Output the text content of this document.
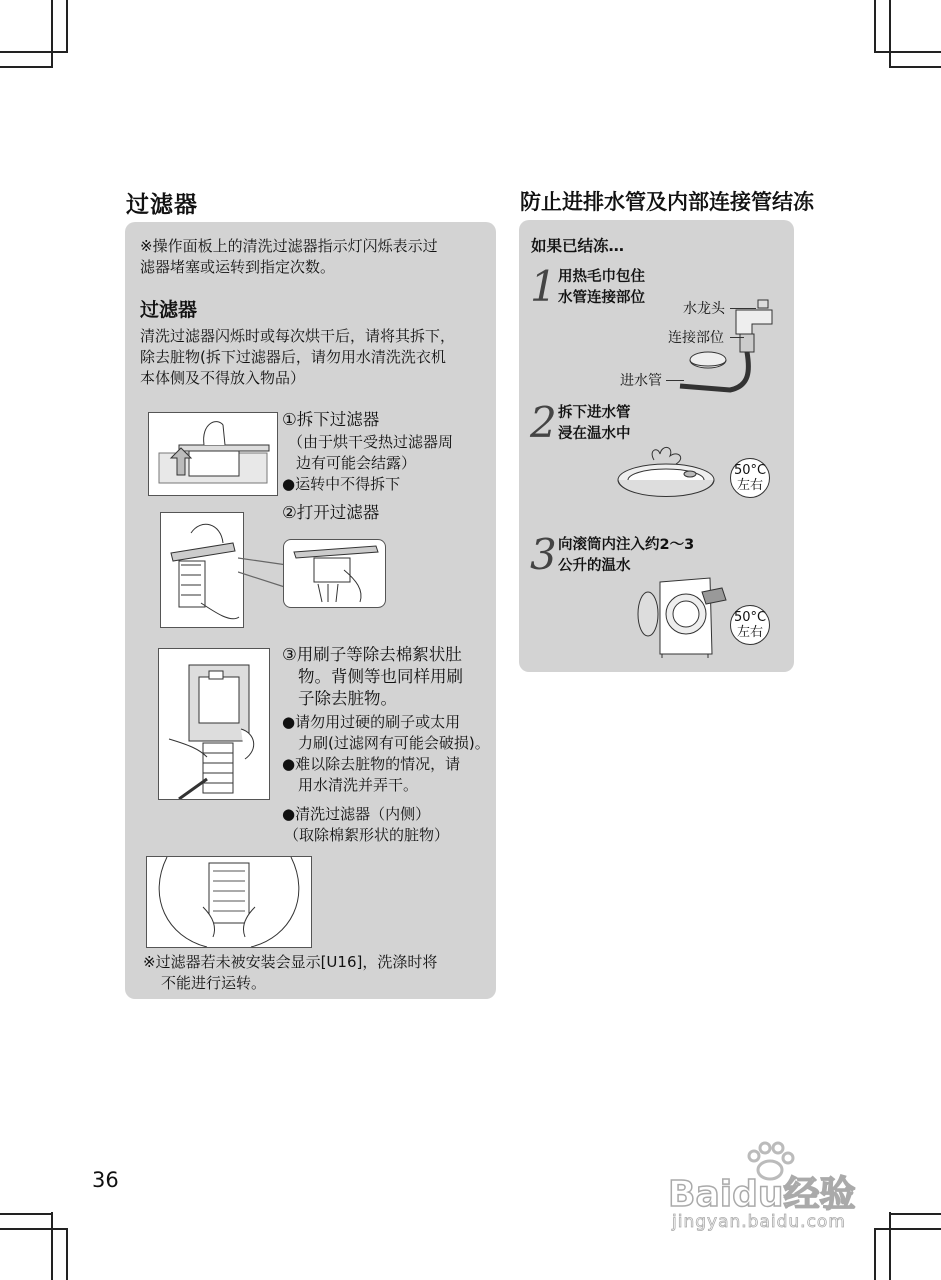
过滤器
※操作面板上的清洗过滤器指示灯闪烁表示过
滤器堵塞或运转到指定次数。
过滤器
清洗过滤器闪烁时或每次烘干后，请将其拆下，
除去脏物(拆下过滤器后，请勿用水清洗洗衣机
本体侧及不得放入物品）
①拆下过滤器
（由于烘干受热过滤器周
边有可能会结露）
●运转中不得拆下
②打开过滤器
③用刷子等除去棉絮状肚
物。背侧等也同样用刷
子除去脏物。
●请勿用过硬的刷子或太用
力刷(过滤网有可能会破损)。
●难以除去脏物的情况，请
用水清洗并弄干。
●清洗过滤器（内侧）
（取除棉絮形状的脏物）
※过滤器若未被安装会显示[U16]，洗涤时将
不能进行运转。
防止进排水管及内部连接管结冻
如果已结冻…
1 用热毛巾包住
水管连接部位
水龙头
连接部位
进水管
2 拆下进水管
浸在温水中
50°C
左右
3 向滚筒内注入约2～3
公升的温水
50°C
左右
36	Baidu经验
jingyan.baidu.com
